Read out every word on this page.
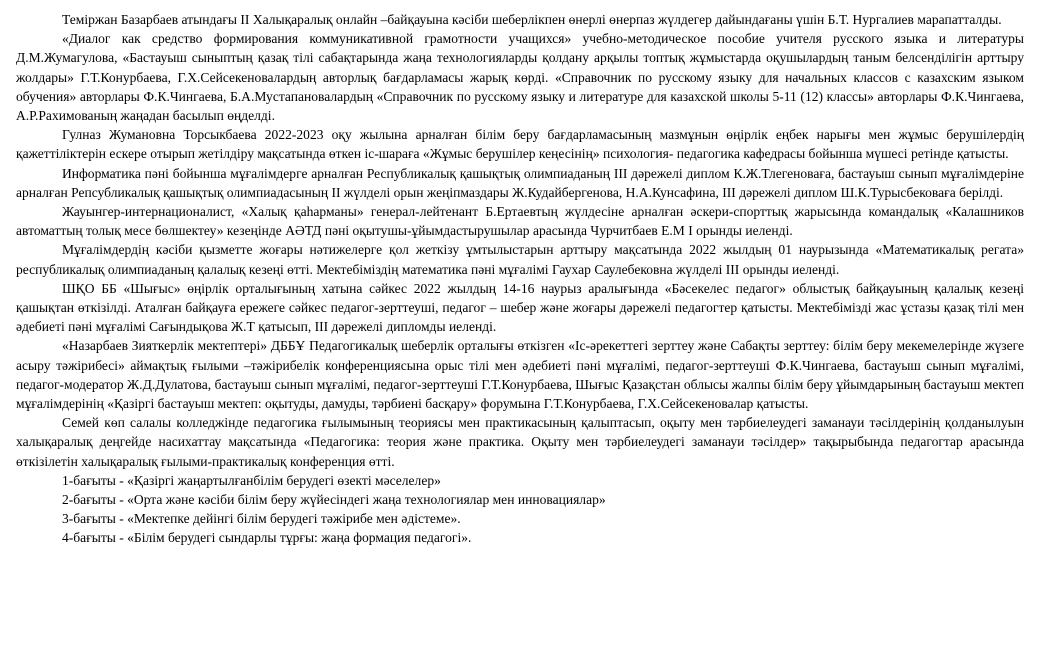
Теміржан Базарбаев атындағы ІІ Халықаралық онлайн –байқауына кәсіби шеберлікпен өнерлі өнерпаз жүлдегер дайындағаны үшін Б.Т. Нургалиев марапатталды.

«Диалог как средство формирования коммуникативной грамотности учащихся» учебно-методическое пособие учителя русского языка и литературы Д.М.Жумагулова, «Бастауыш сыныптың қазақ тілі сабақтарында жаңа технологияларды қолдану арқылы топтық жұмыстарда оқушылардың таным белсенділігін арттыру жолдары» Г.Т.Конурбаева, Г.Х.Сейсекеновалардың авторлық бағдарламасы жарық көрді. «Справочник по русскому языку для начальных классов с казахским языком обучения» авторлары Ф.К.Чингаева, Б.А.Мустапановалардың «Справочник по русскому языку и литературе для казахской школы 5-11 (12) классы» авторлары Ф.К.Чингаева, А.Р.Рахимованың жаңадан басылып өңделді.

Гулназ Жумановна Торсыкбаева 2022-2023 оқу жылына арналған білім беру бағдарламасының мазмұнын өңірлік еңбек нарығы мен жұмыс берушілердің қажеттіліктерін ескере отырып жетілдіру мақсатында өткен іс-шараға «Жұмыс берушілер кеңесінің» психология- педагогика кафедрасы бойынша мүшесі ретінде қатысты.

Информатика пәні бойынша мұғалімдерге арналған Республикалық қашықтық олимпиаданың ІІІ дәрежелі диплом К.Ж.Тлегеноваға, бастауыш сынып мұғалімдеріне арналған Репсубликалық қашықтық олимпиадасының ІІ жүлделі орын жеңіпмаздары Ж.Кудайбергенова, Н.А.Кунсафина, ІІІ дәрежелі диплом Ш.К.Турысбековаға берілді.

Жауынгер-интернационалист, «Халық қаһарманы» генерал-лейтенант Б.Ертаевтың жүлдесіне арналған әскери-спорттық жарысында командалық «Калашников автоматтың толық месе бөлшектеу» кезеңінде АӘТД пәні оқытушы-ұйымдастырушылар арасында Чурчитбаев Е.М І орынды иеленді.

Мұғалімдердің кәсіби қызметте жоғары нәтижелерге қол жеткізу ұмтылыстарын арттыру мақсатында 2022 жылдың 01 наурызында «Математикалық регата» республикалық олимпиаданың қалалық кезеңі өтті. Мектебіміздің математика пәні мұғалімі Гаухар Саулебековна жүлделі ІІІ орынды иеленді.

ШҚО ББ «Шығыс» өңірлік орталығының хатына сәйкес 2022 жылдың 14-16 наурыз аралығында «Бәсекелес педагог» облыстық байқауының қалалық кезеңі қашықтан өткізілді. Аталған байқауға ережеге сәйкес педагог-зерттеуші, педагог – шебер және жоғары дәрежелі педагогтер қатысты. Мектебімізді жас ұстазы қазақ тілі мен әдебиеті пәні мұғалімі Сағындықова Ж.Т қатысып, ІІІ дәрежелі дипломды иеленді.

«Назарбаев Зияткерлік мектептері» ДББҰ Педагогикалық шеберлік орталығы өткізген «Іс-әрекеттегі зерттеу және Сабақты зерттеу: білім беру мекемелерінде жүзеге асыру тәжірибесі» аймақтық ғылыми –тәжірибелік конференциясына орыс тілі мен әдебиеті пәні мұғалімі, педагог-зерттеуші Ф.К.Чингаева, бастауыш сынып мұғалімі, педагог-модератор Ж.Д.Дулатова, бастауыш сынып мұғалімі, педагог-зерттеуші Г.Т.Конурбаева, Шығыс Қазақстан облысы жалпы білім беру ұйымдарының бастауыш мектеп мұғалімдерінің «Қазіргі бастауыш мектеп: оқытуды, дамуды, тәрбиені басқару» форумына Г.Т.Конурбаева, Г.Х.Сейсекеновалар қатысты.

Семей көп салалы колледжінде педагогика ғылымының теориясы мен практикасының қалыптасып, оқыту мен тәрбиелеудегі заманауи тәсілдерінің қолданылуын халықаралық деңгейде насихаттау мақсатында «Педагогика: теория және практика. Оқыту мен тәрбиелеудегі заманауи тәсілдер» тақырыбында педагогтар арасында өткізілетін халықаралық ғылыми-практикалық конференция өтті.

1-бағыты - «Қазіргі жаңартылғанбілім берудегі өзекті мәселелер»
2-бағыты - «Орта және кәсіби білім беру жүйесіндегі жаңа технологиялар мен инновациялар»
3-бағыты - «Мектепке дейінгі білім берудегі тәжірибе мен әдістеме».
4-бағыты - «Білім берудегі сындарлы тұрғы: жаңа формация педагогі».
